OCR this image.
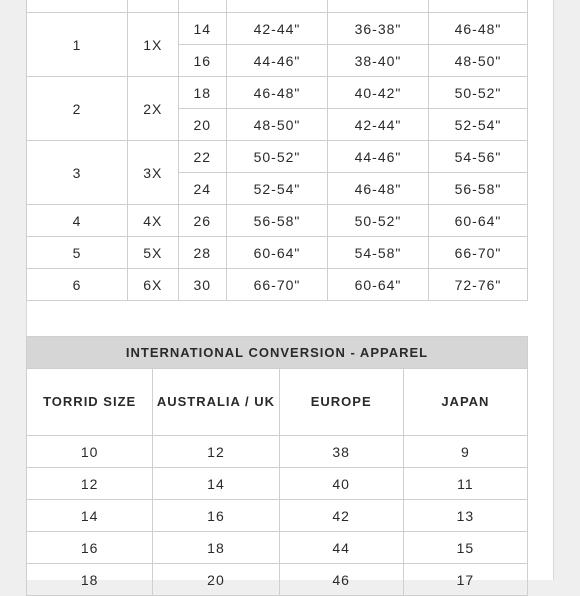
1	1X	14	42-44"	36-38"	46-48"
		16	44-46"	38-40"	48-50"
2	2X	18	46-48"	40-42"	50-52"
		20	48-50"	42-44"	52-54"
3	3X	22	50-52"	44-46"	54-56"
		24	52-54"	46-48"	56-58"
4	4X	26	56-58"	50-52"	60-64"
5	5X	28	60-64"	54-58"	66-70"
6	6X	30	66-70"	60-64"	72-76"
INTERNATIONAL CONVERSION - APPAREL			
TORRID SIZE	AUSTRALIA / UK	EUROPE	JAPAN
10	12	38	9
12	14	40	11
14	16	42	13
16	18	44	15
18	20	46	17
